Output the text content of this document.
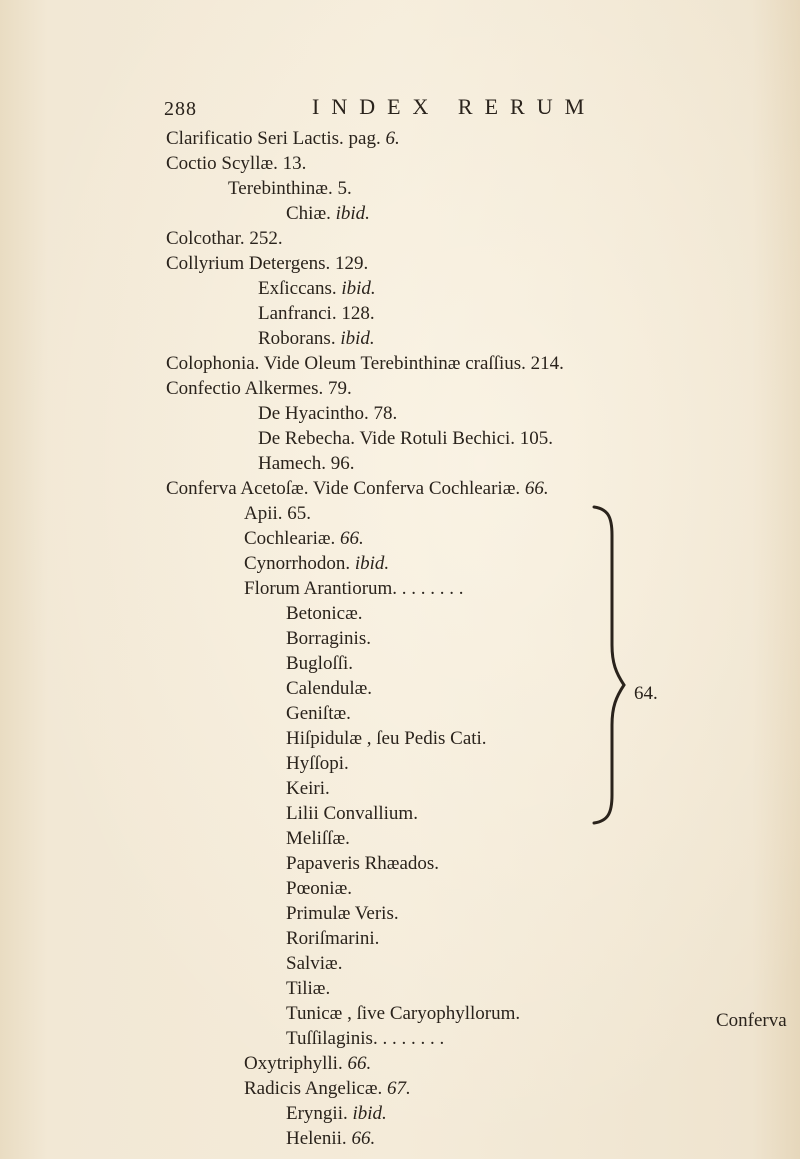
288	INDEX RERUM
Clarificatio Seri Lactis. pag. 6.
Coctio Scyllæ. 13.
Terebinthinæ. 5.
Chiæ. ibid.
Colcothar. 252.
Collyrium Detergens. 129.
Exſiccans. ibid.
Lanfranci. 128.
Roborans. ibid.
Colophonia. Vide Oleum Terebinthinæ craſſius. 214.
Confectio Alkermes. 79.
De Hyacintho. 78.
De Rebecha. Vide Rotuli Bechici. 105.
Hamech. 96.
Conferva Acetoſæ. Vide Conferva Cochleariæ. 66.
Apii. 65.
Cochleariæ. 66.
Cynorrhodon. ibid.
Florum Arantiorum. . . . . . . .
Betonicæ.
Borraginis.
Bugloſſi.
Calendulæ.
Geniſtæ.
Hiſpidulæ , ſeu Pedis Cati.
Hyſſopi.
Keiri.
Lilii Convallium.
Meliſſæ.
Papaveris Rhæados.
Pœoniæ.
Primulæ Veris.
Roriſmarini.
Salviæ.
Tiliæ.
Tunicæ , ſive Caryophyllorum.
Tuſſilaginis. . . . . . . .
Oxytriphylli. 66.
Radicis Angelicæ. 67.
Eryngii. ibid.
Helenii. 66.
64.
Conferva
